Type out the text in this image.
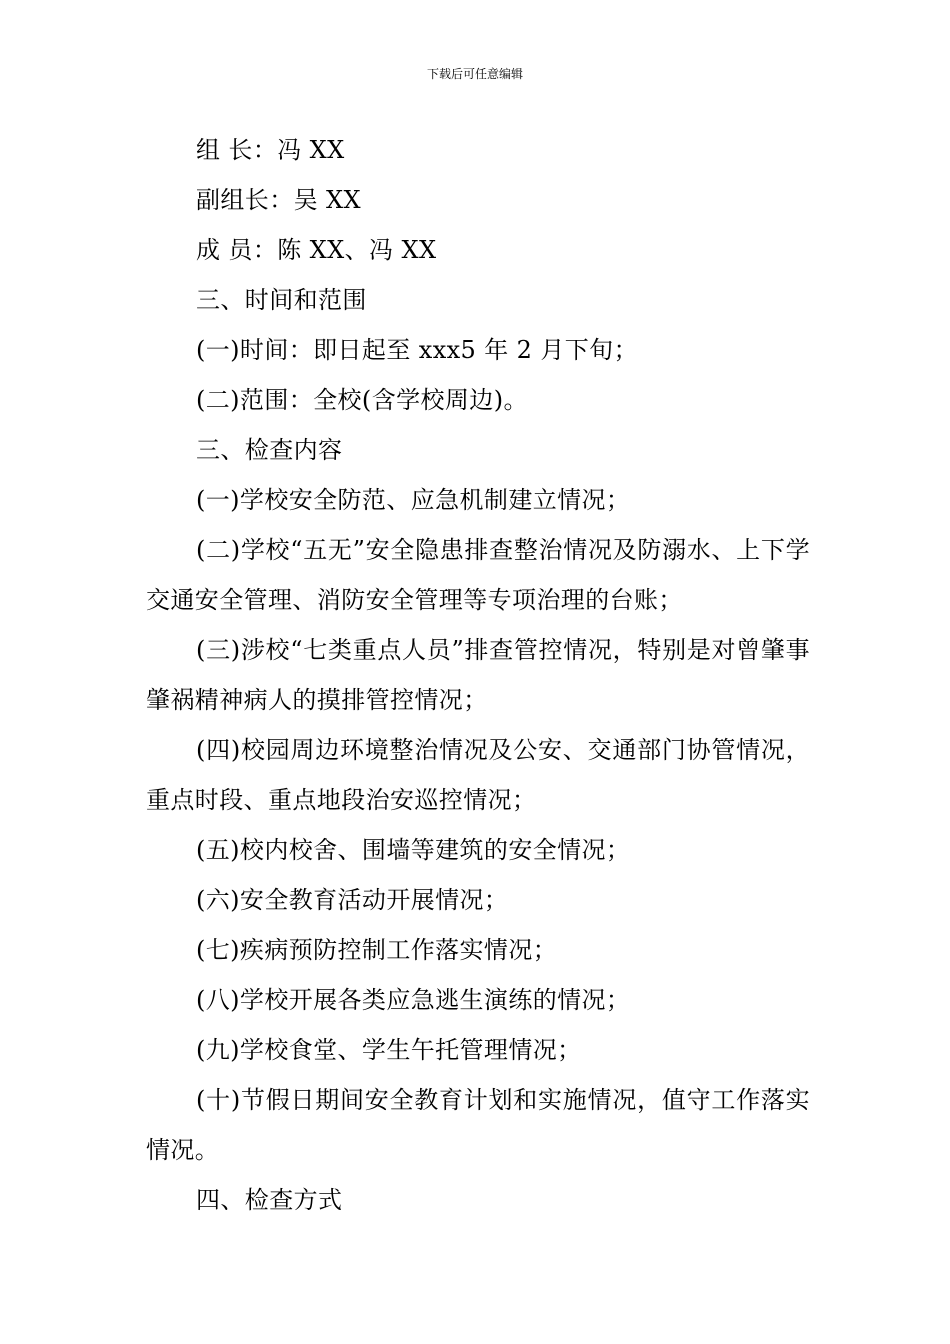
下载后可任意编辑

组 长：冯 XX

副组长：吴 XX

成 员：陈 XX、冯 XX

三、时间和范围

(一)时间：即日起至 xxx5 年 2 月下旬；

(二)范围：全校(含学校周边)。

三、检查内容

(一)学校安全防范、应急机制建立情况；

(二)学校“五无”安全隐患排查整治情况及防溺水、上下学交通安全管理、消防安全管理等专项治理的台账；

(三)涉校“七类重点人员”排查管控情况，特别是对曾肇事肇祸精神病人的摸排管控情况；

(四)校园周边环境整治情况及公安、交通部门协管情况，重点时段、重点地段治安巡控情况；

(五)校内校舍、围墙等建筑的安全情况；

(六)安全教育活动开展情况；

(七)疾病预防控制工作落实情况；

(八)学校开展各类应急逃生演练的情况；

(九)学校食堂、学生午托管理情况；

(十)节假日期间安全教育计划和实施情况，值守工作落实情况。

四、检查方式
